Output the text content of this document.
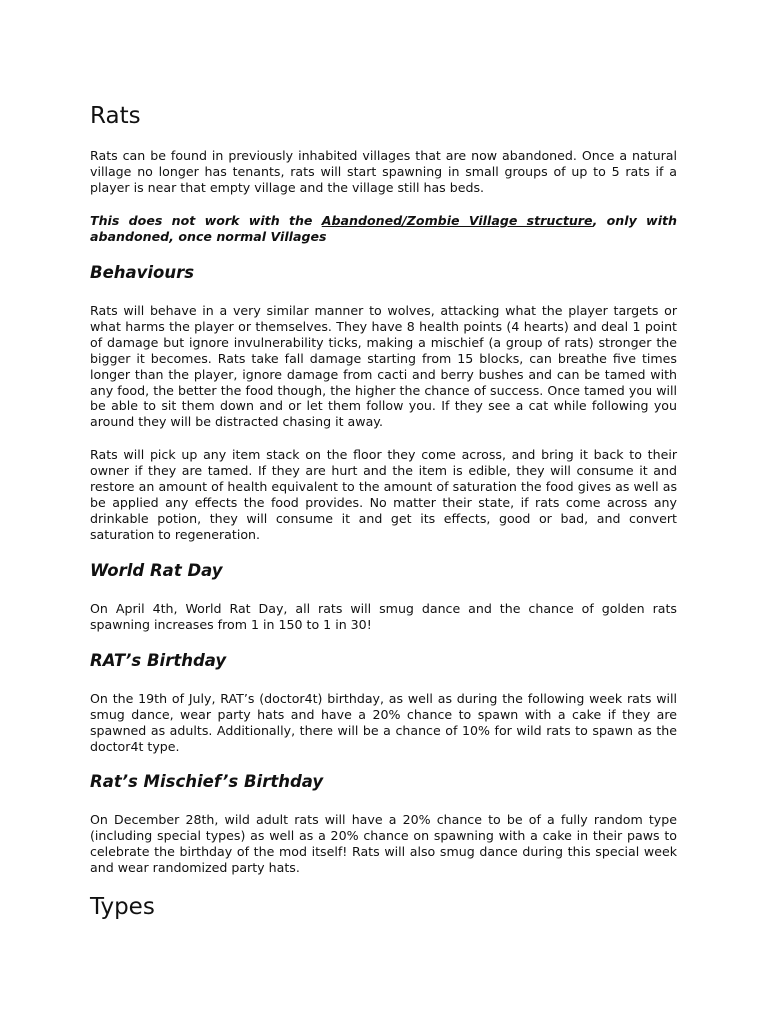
Rats

Rats can be found in previously inhabited villages that are now abandoned. Once a natural village no longer has tenants, rats will start spawning in small groups of up to 5 rats if a player is near that empty village and the village still has beds.

This does not work with the Abandoned/Zombie Village structure, only with abandoned, once normal Villages

Behaviours

Rats will behave in a very similar manner to wolves, attacking what the player targets or what harms the player or themselves. They have 8 health points (4 hearts) and deal 1 point of damage but ignore invulnerability ticks, making a mischief (a group of rats) stronger the bigger it becomes. Rats take fall damage starting from 15 blocks, can breathe five times longer than the player, ignore damage from cacti and berry bushes and can be tamed with any food, the better the food though, the higher the chance of success. Once tamed you will be able to sit them down and or let them follow you. If they see a cat while following you around they will be distracted chasing it away.

Rats will pick up any item stack on the floor they come across, and bring it back to their owner if they are tamed. If they are hurt and the item is edible, they will consume it and restore an amount of health equivalent to the amount of saturation the food gives as well as be applied any effects the food provides. No matter their state, if rats come across any drinkable potion, they will consume it and get its effects, good or bad, and convert saturation to regeneration.

World Rat Day

On April 4th, World Rat Day, all rats will smug dance and the chance of golden rats spawning increases from 1 in 150 to 1 in 30!

RAT’s Birthday

On the 19th of July, RAT’s (doctor4t) birthday, as well as during the following week rats will smug dance, wear party hats and have a 20% chance to spawn with a cake if they are spawned as adults. Additionally, there will be a chance of 10% for wild rats to spawn as the doctor4t type.

Rat’s Mischief’s Birthday

On December 28th, wild adult rats will have a 20% chance to be of a fully random type (including special types) as well as a 20% chance on spawning with a cake in their paws to celebrate the birthday of the mod itself! Rats will also smug dance during this special week and wear randomized party hats.

Types
